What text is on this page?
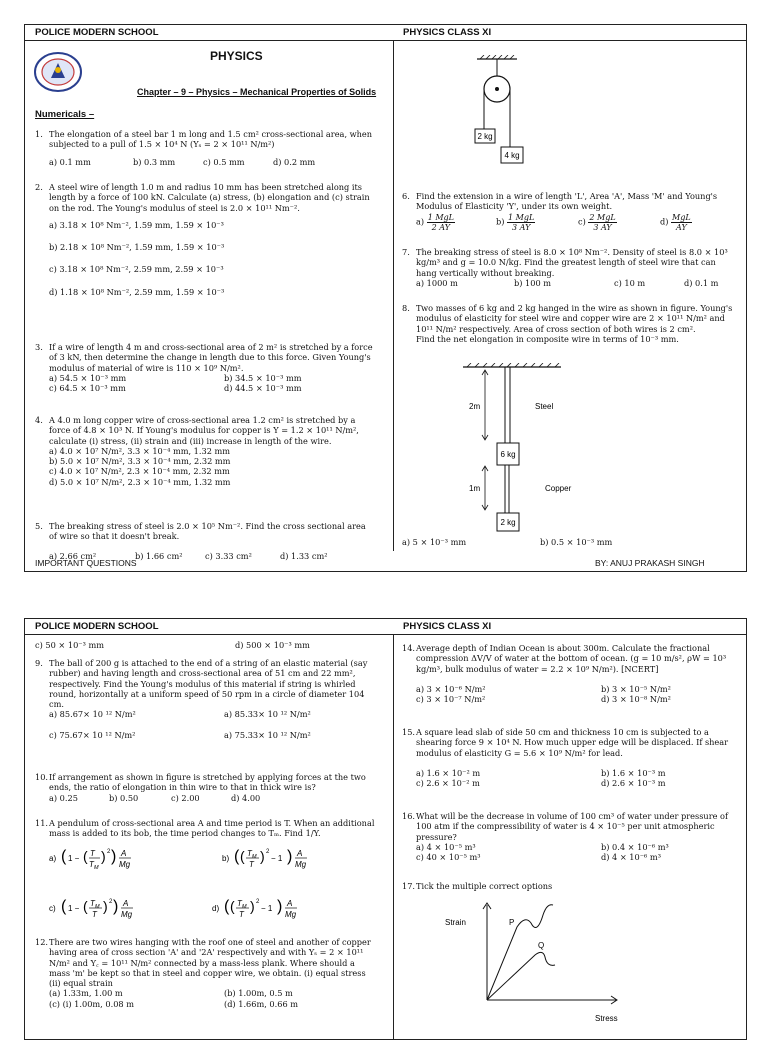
POLICE MODERN SCHOOL	PHYSICS CLASS XI
PHYSICS
Chapter – 9 – Physics – Mechanical Properties of Solids
Numericals –
1. The elongation of a steel bar 1 m long and 1.5 cm² cross-sectional area, when subjected to a pull of 1.5 × 10⁴ N (Yₛ = 2 × 10¹¹ N/m²)
a) 0.1 mm	b) 0.3 mm	c) 0.5 mm	d) 0.2 mm
2. A steel wire of length 1.0 m and radius 10 mm has been stretched along its length by a force of 100 kN. Calculate (a) stress, (b) elongation and (c) strain on the rod. The Young's modulus of steel is 2.0 × 10¹¹ Nm⁻².
a) 3.18 × 10⁸ Nm⁻², 1.59 mm, 1.59 × 10⁻³
b) 2.18 × 10⁸ Nm⁻², 1.59 mm, 1.59 × 10⁻³
c) 3.18 × 10⁸ Nm⁻², 2.59 mm, 2.59 × 10⁻³
d) 1.18 × 10⁸ Nm⁻², 2.59 mm, 1.59 × 10⁻³
3. If a wire of length 4 m and cross-sectional area of 2 m² is stretched by a force of 3 kN, then determine the change in length due to this force. Given Young's modulus of material of wire is 110 × 10⁹ N/m².
a) 54.5 × 10⁻³ mm	b) 34.5 × 10⁻³ mm
c) 64.5 × 10⁻³ mm	d) 44.5 × 10⁻³ mm
4. A 4.0 m long copper wire of cross-sectional area 1.2 cm² is stretched by a force of 4.8 × 10³ N. If Young's modulus for copper is Y = 1.2 × 10¹¹ N/m², calculate (i) stress, (ii) strain and (iii) increase in length of the wire.
a) 4.0 × 10⁷ N/m², 3.3 × 10⁻⁴ mm, 1.32 mm
b) 5.0 × 10⁷ N/m², 3.3 × 10⁻⁴ mm, 2.32 mm
c) 4.0 × 10⁷ N/m², 2.3 × 10⁻⁴ mm, 2.32 mm
d) 5.0 × 10⁷ N/m², 2.3 × 10⁻⁴ mm, 1.32 mm
5. The breaking stress of steel is 2.0 × 10⁵ Nm⁻². Find the cross sectional area of wire so that it doesn't break.
a) 2.66 cm²	b) 1.66 cm²	c) 3.33 cm²	d) 1.33 cm²
2 kg
4 kg
6. Find the extension in a wire of length 'L', Area 'A', Mass 'M' and Young's Modulus of Elasticity 'Y', under its own weight.
$a) \frac{\text{1 MgL}}{2 AY}$	$b) \frac{\text{1 MgL}}{3 AY}$	$c) \frac{\text{2 MgL}}{3 AY}$	$d) \frac{\text{MgL}}{AY}$
7. The breaking stress of steel is 8.0 × 10⁸ Nm⁻². Density of steel is 8.0 × 10³ kg/m³ and g = 10.0 N/kg. Find the greatest length of steel wire that can hang vertically without breaking.
a) 1000 m	b) 100 m	c) 10 m	d) 0.1 m
8. Two masses of 6 kg and 2 kg hanged in the wire as shown in figure. Young's modulus of elasticity for steel wire and copper wire are 2 × 10¹¹ N/m² and 10¹¹ N/m² respectively. Area of cross section of both wires is 2 cm².
Find the net elongation in composite wire in terms of 10⁻³ mm.
2m
1m
Steel
Copper
6 kg
2 kg
a) 5 × 10⁻³ mm	b) 0.5 × 10⁻³ mm
IMPORTANT QUESTIONS	BY: ANUJ PRAKASH SINGH
POLICE MODERN SCHOOL	PHYSICS CLASS XI
c) 50 × 10⁻³ mm	d) 500 × 10⁻³ mm
9. The ball of 200 g is attached to the end of a string of an elastic material (say rubber) and having length and cross-sectional area of 51 cm and 22 mm², respectively. Find the Young's modulus of this material if string is whirled round, horizontally at a uniform speed of 50 rpm in a circle of diameter 104 cm.
a) 85.67× 10 ¹² N/m²	a) 85.33× 10 ¹² N/m²
c) 75.67× 10 ¹² N/m²	a) 75.33× 10 ¹² N/m²
10. If arrangement as shown in figure is stretched by applying forces at the two ends, the ratio of elongation in thin wire to that in thick wire is?
a) 0.25	b) 0.50	c) 2.00	d) 4.00
11. A pendulum of cross-sectional area A and time period is T. When an additional mass is added to its bob, the time period changes to Tₘ. Find 1/Y.
a) ( 1 − ( T
T M
) 2 ) A
Mg
b) ( ( T M
T
) 2
− 1 ) A
Mg
c) ( 1 − ( T M
T
) 2 ) A
Mg
d) ( ( T M
T
) 2
− 1 ) A
Mg
12. There are two wires hanging with the roof one of steel and another of copper having area of cross section 'A' and '2A' respectively and with Yₛ = 2 × 10¹¹ N/m² and Y꜀ = 10¹¹ N/m² connected by a mass-less plank. Where should a mass 'm' be kept so that in steel and copper wire, we obtain. (i) equal stress (ii) equal strain
(a) 1.33m, 1.00 m	(b) 1.00m, 0.5 m
(c) (i) 1.00m, 0.08 m	(d) 1.66m, 0.66 m
14. Average depth of Indian Ocean is about 300m. Calculate the fractional compression ΔV/V of water at the bottom of ocean. (g = 10 m/s², ρW = 10³ kg/m³, bulk modulus of water = 2.2 × 10⁹ N/m²). [NCERT]
a) 3 × 10⁻⁶ N/m²	b) 3 × 10⁻⁵ N/m²
c) 3 × 10⁻⁷ N/m²	d) 3 × 10⁻⁸ N/m²
15. A square lead slab of side 50 cm and thickness 10 cm is subjected to a shearing force 9 × 10⁴ N. How much upper edge will be displaced. If shear modulus of elasticity G = 5.6 × 10⁹ N/m² for lead.
a) 1.6 × 10⁻² m	b) 1.6 × 10⁻³ m
c) 2.6 × 10⁻² m	d) 2.6 × 10⁻³ m
16. What will be the decrease in volume of 100 cm³ of water under pressure of 100 atm if the compressibility of water is 4 × 10⁻⁵ per unit atmospheric pressure?
a) 4 × 10⁻⁵ m³	b) 0.4 × 10⁻⁶ m³
c) 40 × 10⁻⁵ m³	d) 4 × 10⁻⁶ m³
17. Tick the multiple correct options
Strain
Stress
P
Q
